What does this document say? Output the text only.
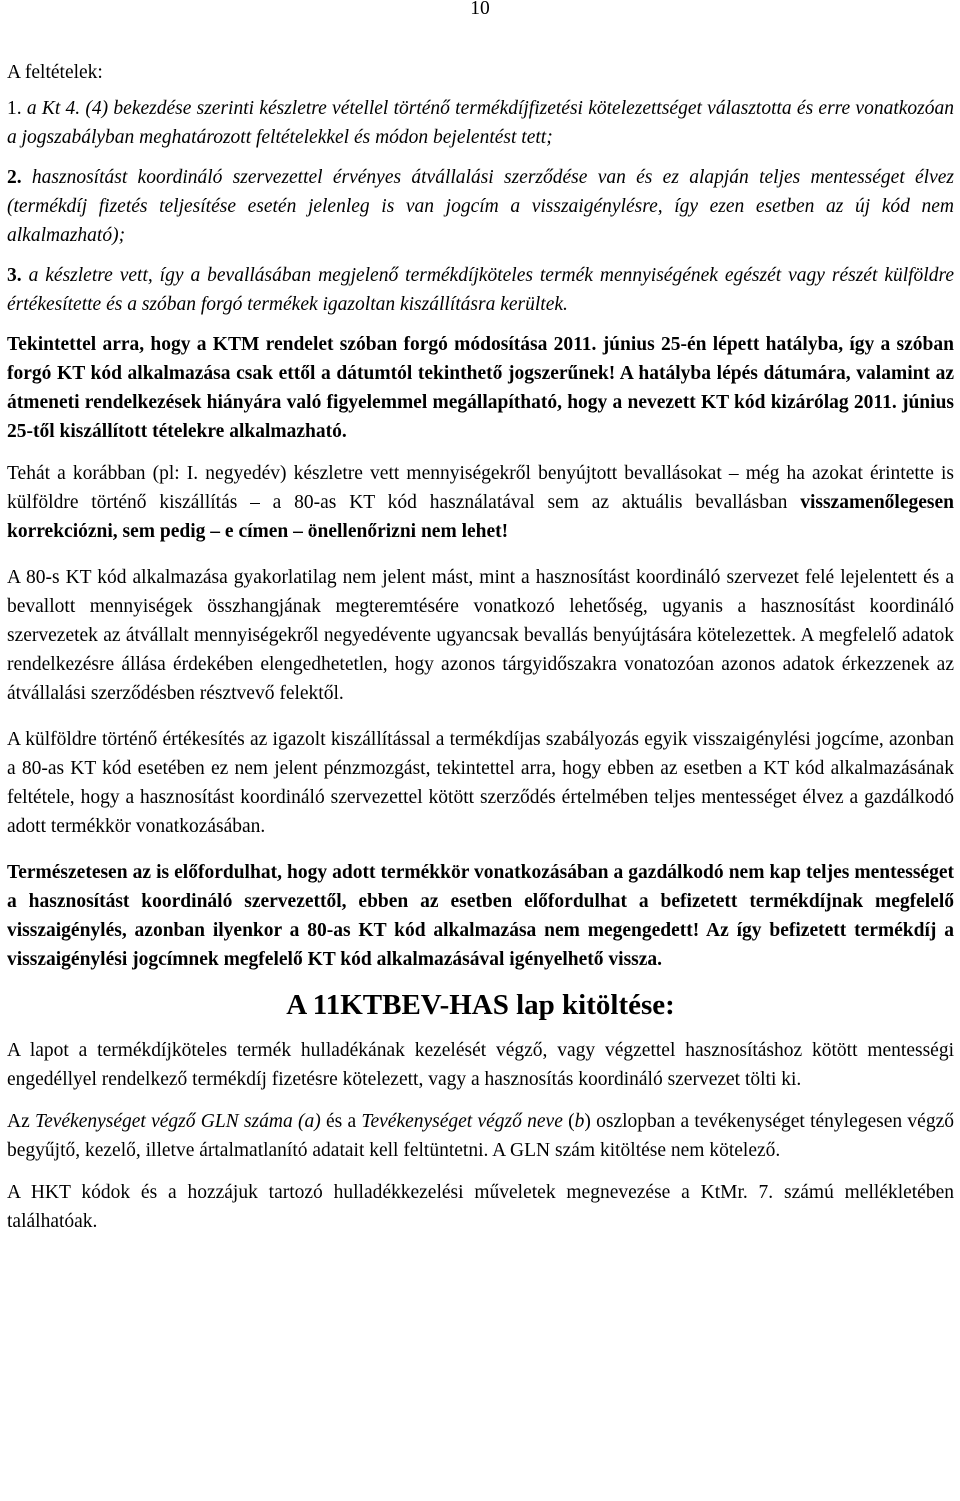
10

A feltételek:

1. a Kt 4. (4) bekezdése szerinti készletre vétellel történő termékdíjfizetési kötelezettséget választotta és erre vonatkozóan a jogszabályban meghatározott feltételekkel és módon bejelentést tett;

2. hasznosítást koordináló szervezettel érvényes átvállalási szerződése van és ez alapján teljes mentességet élvez (termékdíj fizetés teljesítése esetén jelenleg is van jogcím a visszaigénylésre, így ezen esetben az új kód nem alkalmazható);

3. a készletre vett, így a bevallásában megjelenő termékdíjköteles termék mennyiségének egészét vagy részét külföldre értékesítette és a szóban forgó termékek igazoltan kiszállításra kerültek.

Tekintettel arra, hogy a KTM rendelet szóban forgó módosítása 2011. június 25-én lépett hatályba, így a szóban forgó KT kód alkalmazása csak ettől a dátumtól tekinthető jogszerűnek! A hatályba lépés dátumára, valamint az átmeneti rendelkezések hiányára való figyelemmel megállapítható, hogy a nevezett KT kód kizárólag 2011. június 25-től kiszállított tételekre alkalmazható.

Tehát a korábban (pl: I. negyedév) készletre vett mennyiségekről benyújtott bevallásokat – még ha azokat érintette is külföldre történő kiszállítás – a 80-as KT kód használatával sem az aktuális bevallásban visszamenőlegesen korrekciózni, sem pedig – e címen – önellenőrizni nem lehet!

A 80-s KT kód alkalmazása gyakorlatilag nem jelent mást, mint a hasznosítást koordináló szervezet felé lejelentett és a bevallott mennyiségek összhangjának megteremtésére vonatkozó lehetőség, ugyanis a hasznosítást koordináló szervezetek az átvállalt mennyiségekről negyedévente ugyancsak bevallás benyújtására kötelezettek. A megfelelő adatok rendelkezésre állása érdekében elengedhetetlen, hogy azonos tárgyidőszakra vonatozóan azonos adatok érkezzenek az átvállalási szerződésben résztvevő felektől.

A külföldre történő értékesítés az igazolt kiszállítással a termékdíjas szabályozás egyik visszaigénylési jogcíme, azonban a 80-as KT kód esetében ez nem jelent pénzmozgást, tekintettel arra, hogy ebben az esetben a KT kód alkalmazásának feltétele, hogy a hasznosítást koordináló szervezettel kötött szerződés értelmében teljes mentességet élvez a gazdálkodó adott termékkör vonatkozásában.

Természetesen az is előfordulhat, hogy adott termékkör vonatkozásában a gazdálkodó nem kap teljes mentességet a hasznosítást koordináló szervezettől, ebben az esetben előfordulhat a befizetett termékdíjnak megfelelő visszaigénylés, azonban ilyenkor a 80-as KT kód alkalmazása nem megengedett! Az így befizetett termékdíj a visszaigénylési jogcímnek megfelelő KT kód alkalmazásával igényelhető vissza.

A 11KTBEV-HAS lap kitöltése:

A lapot a termékdíjköteles termék hulladékának kezelését végző, vagy végzettel hasznosításhoz kötött mentességi engedéllyel rendelkező termékdíj fizetésre kötelezett, vagy a hasznosítás koordináló szervezet tölti ki.

Az Tevékenységet végző GLN száma (a) és a Tevékenységet végző neve (b) oszlopban a tevékenységet ténylegesen végző begyűjtő, kezelő, illetve ártalmatlanító adatait kell feltüntetni. A GLN szám kitöltése nem kötelező.

A HKT kódok és a hozzájuk tartozó hulladékkezelési műveletek megnevezése a KtMr. 7. számú mellékletében találhatóak.
